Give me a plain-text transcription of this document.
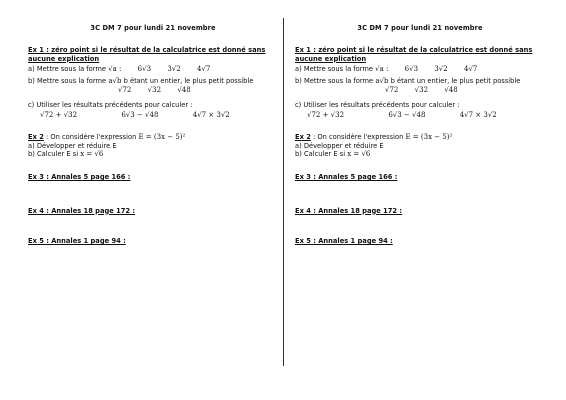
3C DM 7 pour lundi 21 novembre

Ex 1 : zéro point si le résultat de la calculatrice est donné sans aucune explication

a) Mettre sous la forme √a : 6√3 3√2 4√7

b) Mettre sous la forme a√b b étant un entier, le plus petit possible

√72 √32 √48

c) Utiliser les résultats précédents pour calculer :

√72 + √32	6√3 − √48	4√7 × 3√2

Ex 2 : On considère l'expression E = (3x − 5)²

a) Développer et réduire E

b) Calculer E si x = √6

Ex 3 : Annales 5 page 166 :

Ex 4 : Annales 18 page 172 :

Ex 5 : Annales 1 page 94 :

3C DM 7 pour lundi 21 novembre

Ex 1 : zéro point si le résultat de la calculatrice est donné sans aucune explication

a) Mettre sous la forme √a : 6√3 3√2 4√7

b) Mettre sous la forme a√b b étant un entier, le plus petit possible

√72 √32 √48

c) Utiliser les résultats précédents pour calculer :

√72 + √32	6√3 − √48	4√7 × 3√2

Ex 2 : On considère l'expression E = (3x − 5)²

a) Développer et réduire E

b) Calculer E si x = √6

Ex 3 : Annales 5 page 166 :

Ex 4 : Annales 18 page 172 :

Ex 5 : Annales 1 page 94 :
